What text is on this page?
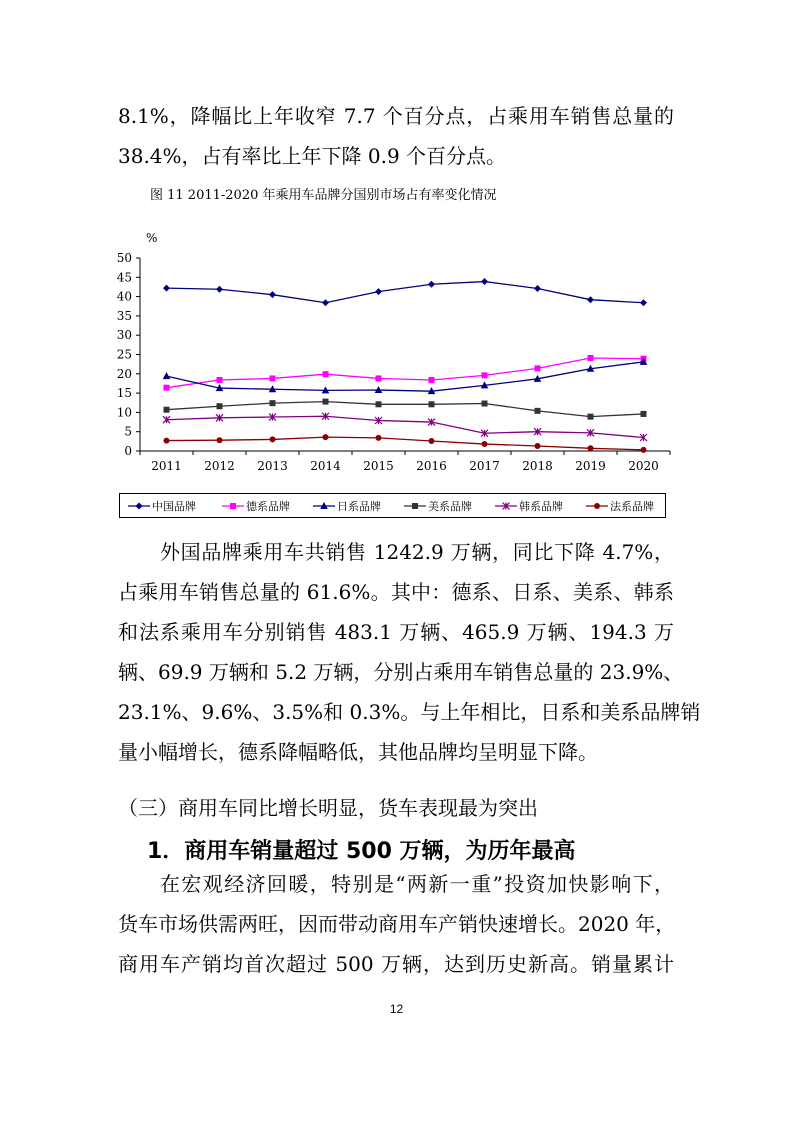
8.1%，降幅比上年收窄 7.7 个百分点，占乘用车销售总量的
38.4%，占有率比上年下降 0.9 个百分点。
图 11 2011-2020 年乘用车品牌分国别市场占有率变化情况
0
5
10
15
20
25
30
35
40
45
50
%
2011 2012 2013 2014 2015 2016 2017 2018 2019 2020
中国品牌	德系品牌	日系品牌	美系品牌	韩系品牌	法系品牌
外国品牌乘用车共销售 1242.9 万辆，同比下降 4.7%，
占乘用车销售总量的 61.6%。其中：德系、日系、美系、韩系
和法系乘用车分别销售 483.1 万辆、465.9 万辆、194.3 万
辆、69.9 万辆和 5.2 万辆，分别占乘用车销售总量的 23.9%、
23.1%、9.6%、3.5%和 0.3%。与上年相比，日系和美系品牌销
量小幅增长，德系降幅略低，其他品牌均呈明显下降。
（三）商用车同比增长明显，货车表现最为突出
1．商用车销量超过 500 万辆，为历年最高
在宏观经济回暖，特别是“两新一重”投资加快影响下，
货车市场供需两旺，因而带动商用车产销快速增长。2020 年，
商用车产销均首次超过 500 万辆，达到历史新高。销量累计
12
